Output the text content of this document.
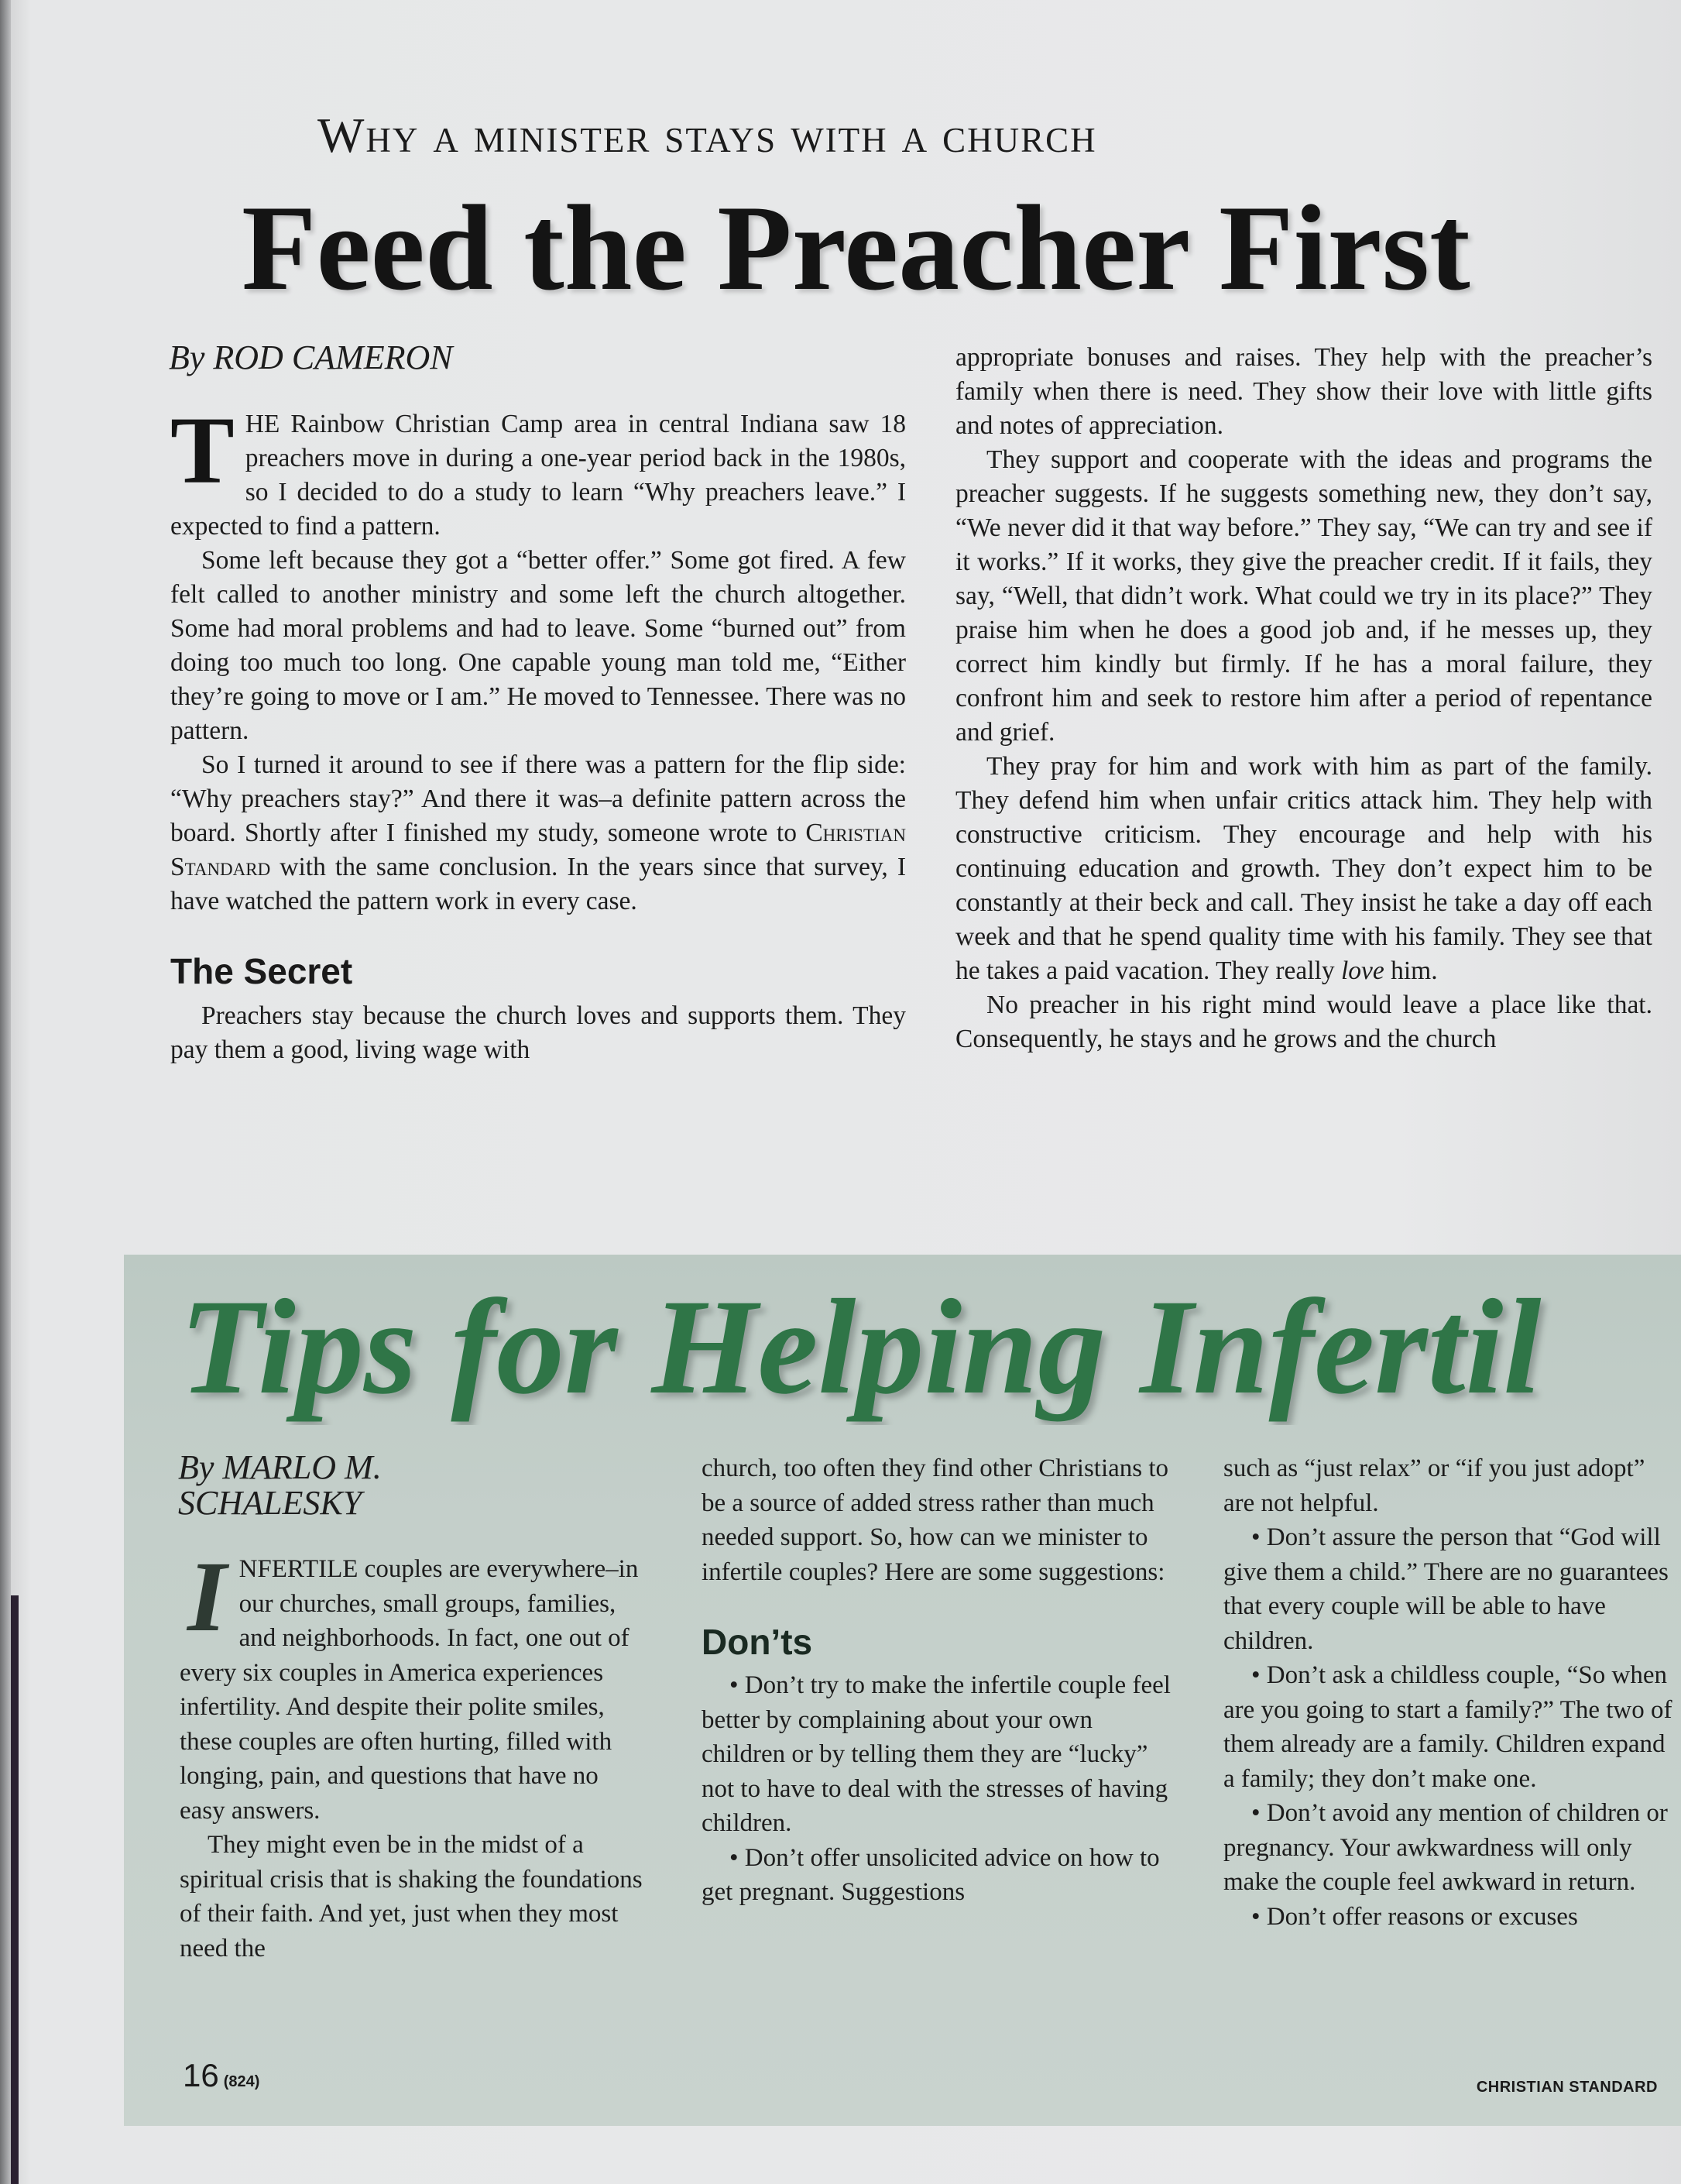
Why a minister stays with a church
Feed the Preacher First
By ROD CAMERON

THE Rainbow Christian Camp area in central Indiana saw 18 preachers move in during a one-year period back in the 1980s, so I decided to do a study to learn “Why preachers leave.” I expected to find a pattern.

Some left because they got a “better offer.” Some got fired. A few felt called to another ministry and some left the church altogether. Some had moral problems and had to leave. Some “burned out” from doing too much too long. One capable young man told me, “Either they’re going to move or I am.” He moved to Tennessee. There was no pattern.

So I turned it around to see if there was a pattern for the flip side: “Why preachers stay?” And there it was–a definite pattern across the board. Shortly after I finished my study, someone wrote to Christian Standard with the same conclusion. In the years since that survey, I have watched the pattern work in every case.

The Secret

Preachers stay because the church loves and supports them. They pay them a good, living wage with

appropriate bonuses and raises. They help with the preacher’s family when there is need. They show their love with little gifts and notes of appreciation.

They support and cooperate with the ideas and programs the preacher suggests. If he suggests something new, they don’t say, “We never did it that way before.” They say, “We can try and see if it works.” If it works, they give the preacher credit. If it fails, they say, “Well, that didn’t work. What could we try in its place?” They praise him when he does a good job and, if he messes up, they correct him kindly but firmly. If he has a moral failure, they confront him and seek to restore him after a period of repentance and grief.

They pray for him and work with him as part of the family. They defend him when unfair critics attack him. They help with constructive criticism. They encourage and help with his continuing education and growth. They don’t expect him to be constantly at their beck and call. They insist he take a day off each week and that he spend quality time with his family. They see that he takes a paid vacation. They really love him.

No preacher in his right mind would leave a place like that. Consequently, he stays and he grows and the church

Tips for Helping Infertil
By MARLO M.
SCHALESKY

INFERTILE couples are everywhere–in our churches, small groups, families, and neighborhoods. In fact, one out of every six couples in America experiences infertility. And despite their polite smiles, these couples are often hurting, filled with longing, pain, and questions that have no easy answers.

They might even be in the midst of a spiritual crisis that is shaking the foundations of their faith. And yet, just when they most need the

church, too often they find other Christians to be a source of added stress rather than much needed support. So, how can we minister to infertile couples? Here are some suggestions:

Don’ts

• Don’t try to make the infertile couple feel better by complaining about your own children or by telling them they are “lucky” not to have to deal with the stresses of having children.

• Don’t offer unsolicited advice on how to get pregnant. Suggestions

such as “just relax” or “if you just adopt” are not helpful.

• Don’t assure the person that “God will give them a child.” There are no guarantees that every couple will be able to have children.

• Don’t ask a childless couple, “So when are you going to start a family?” The two of them already are a family. Children expand a family; they don’t make one.

• Don’t avoid any mention of children or pregnancy. Your awkwardness will only make the couple feel awkward in return.

• Don’t offer reasons or excuses

16 (824)	CHRISTIAN STANDARD
